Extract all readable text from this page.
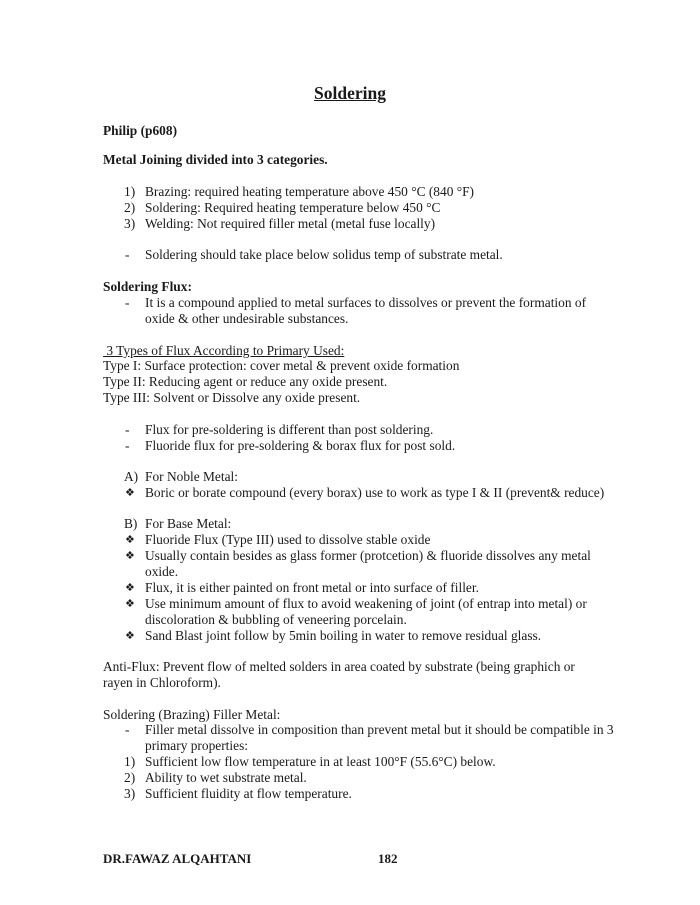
Soldering
Philip (p608)
Metal Joining divided into 3 categories.
1) Brazing: required heating temperature above 450 °C (840 °F)
2) Soldering: Required heating temperature below 450 °C
3) Welding: Not required filler metal (metal fuse locally)
- Soldering should take place below solidus temp of substrate metal.
Soldering Flux:
- It is a compound applied to metal surfaces to dissolves or prevent the formation of oxide & other undesirable substances.
3 Types of Flux According to Primary Used:
Type I: Surface protection: cover metal & prevent oxide formation
Type II: Reducing agent or reduce any oxide present.
Type III: Solvent or Dissolve any oxide present.
- Flux for pre-soldering is different than post soldering.
- Fluoride flux for pre-soldering & borax flux for post sold.
A) For Noble Metal:
❖ Boric or borate compound (every borax) use to work as type I & II (prevent& reduce)
B) For Base Metal:
❖ Fluoride Flux (Type III) used to dissolve stable oxide
❖ Usually contain besides as glass former (protcetion) & fluoride dissolves any metal oxide.
❖ Flux, it is either painted on front metal or into surface of filler.
❖ Use minimum amount of flux to avoid weakening of joint (of entrap into metal) or discoloration & bubbling of veneering porcelain.
❖ Sand Blast joint follow by 5min boiling in water to remove residual glass.
Anti-Flux: Prevent flow of melted solders in area coated by substrate (being graphich or rayen in Chloroform).
Soldering (Brazing) Filler Metal:
- Filler metal dissolve in composition than prevent metal but it should be compatible in 3 primary properties:
1) Sufficient low flow temperature in at least 100°F (55.6°C) below.
2) Ability to wet substrate metal.
3) Sufficient fluidity at flow temperature.
DR.FAWAZ ALQAHTANI	182
